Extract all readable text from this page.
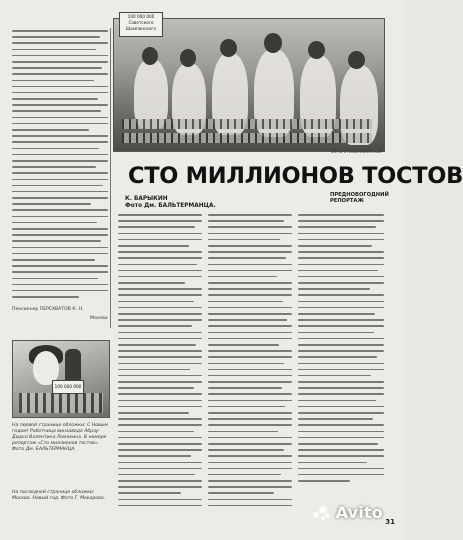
Пенсионер ПЕРЕХВАТОВ К. Н.
Москва
100 000 000 Советского Шампанского
Есть стомиллионная.
СТО МИЛЛИОНОВ ТОСТОВ
ПРЕДНОВОГОДНИЙ РЕПОРТАЖ
К. БАРЫКИН
Фото Дм. БАЛЬТЕРМАНЦА.
100 000 000
На первой странице обложки: С Новым годом! Работница винзавода Абрау-Дюрсо Валентина Ломакина. В номере репортаж «Сто миллионов тостов». Фото Дм. БАЛЬТЕРМАНЦА.
На последней странице обложки: Москва. Новый год. Фото Г. Макарова.
Avito 31
